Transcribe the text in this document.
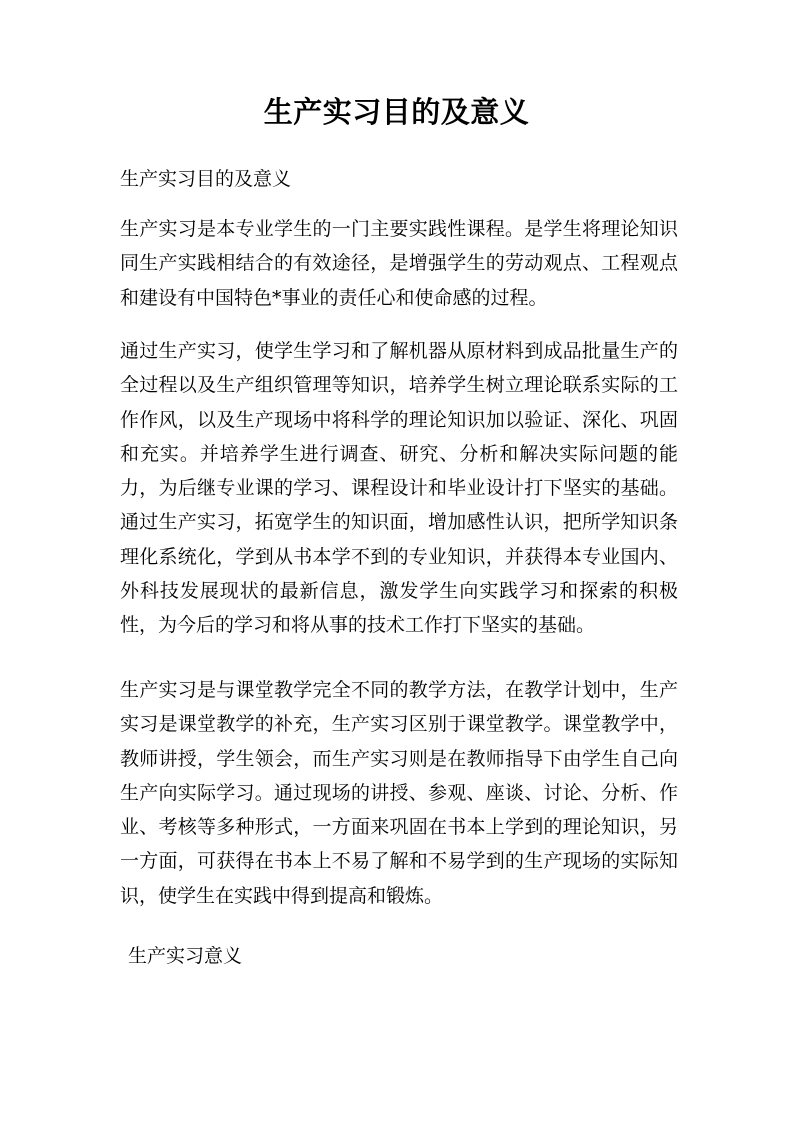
生产实习目的及意义
生产实习目的及意义

生产实习是本专业学生的一门主要实践性课程。是学生将理论知识同生产实践相结合的有效途径，是增强学生的劳动观点、工程观点和建设有中国特色*事业的责任心和使命感的过程。

通过生产实习，使学生学习和了解机器从原材料到成品批量生产的全过程以及生产组织管理等知识，培养学生树立理论联系实际的工作作风，以及生产现场中将科学的理论知识加以验证、深化、巩固和充实。并培养学生进行调查、研究、分析和解决实际问题的能力，为后继专业课的学习、课程设计和毕业设计打下坚实的基础。通过生产实习，拓宽学生的知识面，增加感性认识，把所学知识条理化系统化，学到从书本学不到的专业知识，并获得本专业国内、外科技发展现状的最新信息，激发学生向实践学习和探索的积极性，为今后的学习和将从事的技术工作打下坚实的基础。

生产实习是与课堂教学完全不同的教学方法，在教学计划中，生产实习是课堂教学的补充，生产实习区别于课堂教学。课堂教学中，教师讲授，学生领会，而生产实习则是在教师指导下由学生自己向生产向实际学习。通过现场的讲授、参观、座谈、讨论、分析、作业、考核等多种形式，一方面来巩固在书本上学到的理论知识，另一方面，可获得在书本上不易了解和不易学到的生产现场的实际知识，使学生在实践中得到提高和锻炼。

生产实习意义
